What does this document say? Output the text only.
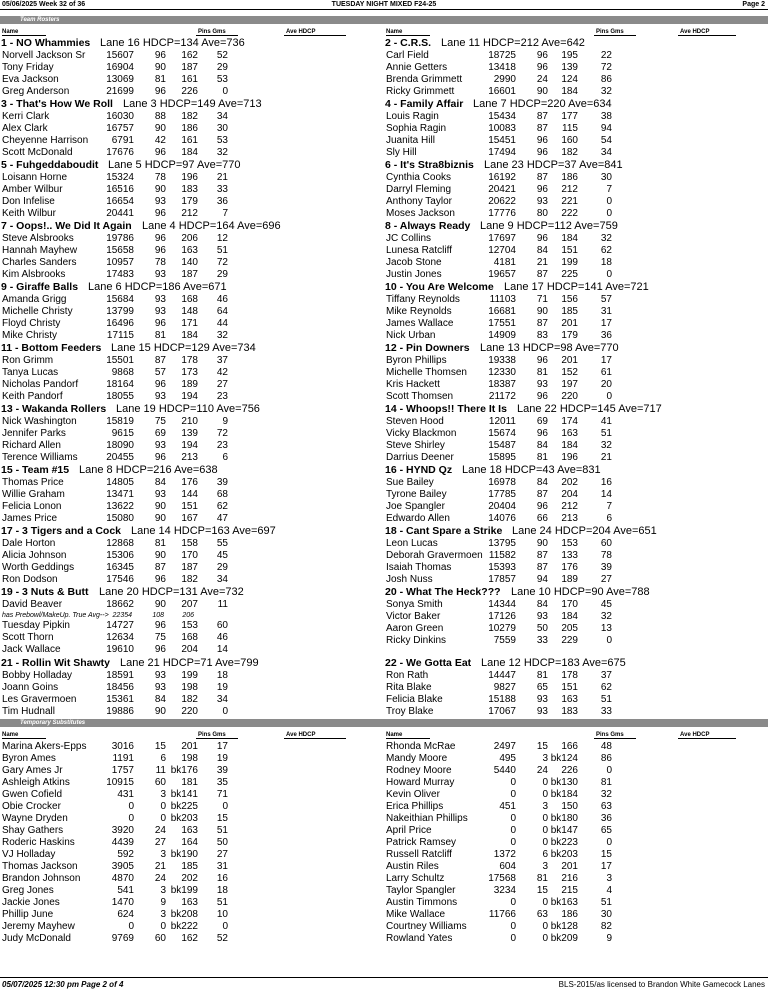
05/06/2025 Week 32 of 36	TUESDAY NIGHT MIXED F24-25	Page 2
Team Rosters
Name	Pins Gms	Ave HDCP
1 - NO Whammies Lane 16 HDCP=134 Ave=736
Norvell Jackson Sr 15607 96 162 52
Tony Friday	16904 90 187 29
Eva Jackson	13069 81 161 53
Greg Anderson	21699 96 226 0
3 - That's How We Roll Lane 3 HDCP=149 Ave=713
Kerri Clark	16030 88 182 34
Alex Clark	16757 90 186 30
Cheyenne Harrison 6791 42 161 53
Scott McDonald	17676 96 184 32
5 - Fuhgeddaboudit Lane 5 HDCP=97 Ave=770
Loisann Horne	15324 78 196 21
Amber Wilbur	16516 90 183 33
Don Infelise	16654 93 179 36
Keith Wilbur	20441 96 212 7
7 - Oops!.. We Did It Again Lane 4 HDCP=164 Ave=696
Steve Alsbrooks	19786 96 206 12
Hannah Mayhew	15658 96 163 51
Charles Sanders	10957 78 140 72
Kim Alsbrooks	17483 93 187 29
9 - Giraffe Balls Lane 6 HDCP=186 Ave=671
Amanda Grigg	15684 93 168 46
Michelle Christy	13799 93 148 64
Floyd Christy	16496 96 171 44
Mike Christy	17115 81 184 32
11 - Bottom Feeders Lane 15 HDCP=129 Ave=734
Ron Grimm	15501 87 178 37
Tanya Lucas	9868 57 173 42
Nicholas Pandorf	18164 96 189 27
Keith Pandorf	18055 93 194 23
13 - Wakanda Rollers Lane 19 HDCP=110 Ave=756
Nick Washington	15819 75 210 9
Jennifer Parks	9615 69 139 72
Richard Allen	18090 93 194 23
Terence Williams	20455 96 213 6
15 - Team #15 Lane 8 HDCP=216 Ave=638
Thomas Price	14805 84 176 39
Willie Graham	13471 93 144 68
Felicia Lonon	13622 90 151 62
James Price	15080 90 167 47
17 - 3 Tigers and a Cock Lane 14 HDCP=163 Ave=697
Dale Horton	12868 81 158 55
Alicia Johnson	15306 90 170 45
Worth Geddings	16345 87 187 29
Ron Dodson	17546 96 182 34
19 - 3 Nuts & Butt Lane 20 HDCP=131 Ave=732
David Beaver	18662 90 207 11
has Prebowl/MakeUp. True Avg--> 22354	108	206
Tuesday Pipkin	14727 96 153 60
Scott Thorn	12634 75 168 46
Jack Wallace	19610 96 204 14
21 - Rollin Wit Shawty Lane 21 HDCP=71 Ave=799
Bobby Holladay	18591 93 199 18
Joann Goins	18456 93 198 19
Les Gravermoen	15361 84 182 34
Tim Hudnall	19886 90 220 0
Name	Pins Gms	Ave HDCP
2 - C.R.S. Lane 11 HDCP=212 Ave=642
Carl Field	18725 96 195 22
Annie Getters	13418 96 139 72
Brenda Grimmett	2990 24 124 86
Ricky Grimmett	16601 90 184 32
4 - Family Affair Lane 7 HDCP=220 Ave=634
Louis Ragin	15434 87 177 38
Sophia Ragin	10083 87 115 94
Juanita Hill	15451 96 160 54
Sly Hill	17494 96 182 34
6 - It's Stra8biznis Lane 23 HDCP=37 Ave=841
Cynthia Cooks	16192 87 186 30
Darryl Fleming	20421 96 212	7
Anthony Taylor	20622 93 221	0
Moses Jackson	17776 80 222	0
8 - Always Ready Lane 9 HDCP=112 Ave=759
JC Collins	17697 96 184 32
Lunesa Ratcliff	12704 84 151 62
Jacob Stone	4181 21 199 18
Justin Jones	19657 87 225	0
10 - You Are Welcome Lane 17 HDCP=141 Ave=721
Tiffany Reynolds	11103 71 156 57
Mike Reynolds	16681 90 185 31
James Wallace	17551 87 201 17
Nick Urban	14909 83 179 36
12 - Pin Downers Lane 13 HDCP=98 Ave=770
Byron Phillips	19338 96 201 17
Michelle Thomsen 12330 81 152 61
Kris Hackett	18387 93 197 20
Scott Thomsen	21172 96 220	0
14 - Whoops!! There It Is Lane 22 HDCP=145 Ave=717
Steven Hood	12011 69 174 41
Vicky Blackmon	15674 96 163 51
Steve Shirley	15487 84 184 32
Darrius Deener	15895 81 196 21
16 - HYND Qz Lane 18 HDCP=43 Ave=831
Sue Bailey	16978 84 202 16
Tyrone Bailey	17785 87 204 14
Joe Spangler	20404 96 212	7
Edwardo Allen	14076 66 213	6
18 - Cant Spare a Strike Lane 24 HDCP=204 Ave=651
Leon Lucas	13795 90 153 60
Deborah Gravermoen 11582 87 133 78
Isaiah Thomas	15393 87 176 39
Josh Nuss	17857 94 189 27
20 - What The Heck??? Lane 10 HDCP=90 Ave=788
Sonya Smith	14344 84 170 45
Victor Baker	17126 93 184 32
Aaron Green	10279 50 205 13
Ricky Dinkins	7559 33 229	0
22 - We Gotta Eat Lane 12 HDCP=183 Ave=675
Ron Rath	14447 81 178 37
Rita Blake	9827 65 151 62
Felicia Blake	15188 93 163 51
Troy Blake	17067 93 183 33
Temporary Substitutes
Name	Pins Gms	Ave HDCP
Marina Akers-Epps	3016 15 201 17
Byron Ames	1191	6 198 19
Gary Ames Jr	1757 11 bk176 39
Ashleigh Atkins	10915 60 181 35
Gwen Cofield	431	3 bk141 71
Obie Crocker	0	0 bk225 0
Wayne Dryden	0	0 bk203 15
Shay Gathers	3920 24 163 51
Roderic Haskins	4439 27 164 50
VJ Holladay	592	3 bk190 27
Thomas Jackson	3905 21 185 31
Brandon Johnson	4870 24 202 16
Greg Jones	541	3 bk199 18
Jackie Jones	1470	9 163 51
Phillip June	624	3 bk208 10
Jeremy Mayhew	0	0 bk222 0
Judy McDonald	9769 60 162 52
Name	Pins Gms	Ave HDCP
Rhonda McRae	2497 15 166 48
Mandy Moore	495	3 bk124 86
Rodney Moore	5440 24 226	0
Howard Murray	0	0 bk130 81
Kevin Oliver	0	0 bk184 32
Erica Phillips	451	3 150 63
Nakeithian Phillips	0	0 bk180 36
April Price	0	0 bk147 65
Patrick Ramsey	0	0 bk223	0
Russell Ratcliff	1372	6 bk203 15
Austin Riles	604	3 201 17
Larry Schultz	17568 81 216	3
Taylor Spangler	3234 15 215	4
Austin Timmons	0	0 bk163 51
Mike Wallace	11766 63 186 30
Courtney Williams	0	0 bk128 82
Rowland Yates	0	0 bk209	9
05/07/2025 12:30 pm Page 2 of 4	BLS-2015/as licensed to Brandon White Gamecock Lanes
